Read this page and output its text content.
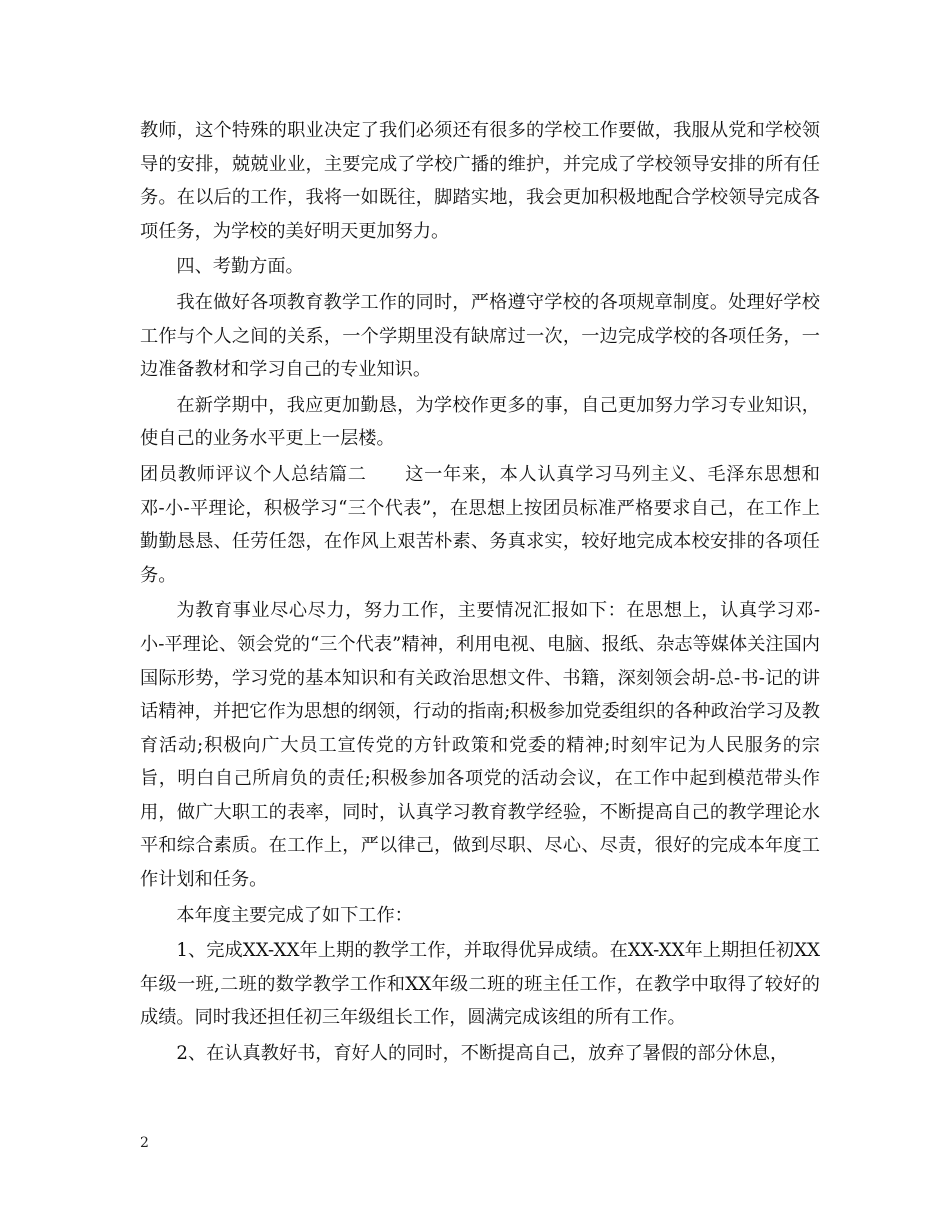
教师，这个特殊的职业决定了我们必须还有很多的学校工作要做，我服从党和学校领导的安排，兢兢业业，主要完成了学校广播的维护，并完成了学校领导安排的所有任务。在以后的工作，我将一如既往，脚踏实地，我会更加积极地配合学校领导完成各项任务，为学校的美好明天更加努力。

四、考勤方面。

我在做好各项教育教学工作的同时，严格遵守学校的各项规章制度。处理好学校工作与个人之间的关系，一个学期里没有缺席过一次，一边完成学校的各项任务，一边准备教材和学习自己的专业知识。

在新学期中，我应更加勤恳，为学校作更多的事，自己更加努力学习专业知识，使自己的业务水平更上一层楼。

团员教师评议个人总结篇二 这一年来，本人认真学习马列主义、毛泽东思想和邓-小-平理论，积极学习“三个代表”，在思想上按团员标准严格要求自己，在工作上勤勤恳恳、任劳任怨，在作风上艰苦朴素、务真求实，较好地完成本校安排的各项任务。

为教育事业尽心尽力，努力工作，主要情况汇报如下：在思想上，认真学习邓-小-平理论、领会党的“三个代表”精神，利用电视、电脑、报纸、杂志等媒体关注国内国际形势，学习党的基本知识和有关政治思想文件、书籍，深刻领会胡-总-书-记的讲话精神，并把它作为思想的纲领，行动的指南;积极参加党委组织的各种政治学习及教育活动;积极向广大员工宣传党的方针政策和党委的精神;时刻牢记为人民服务的宗旨，明白自己所肩负的责任;积极参加各项党的活动会议，在工作中起到模范带头作用，做广大职工的表率，同时，认真学习教育教学经验，不断提高自己的教学理论水平和综合素质。在工作上，严以律己，做到尽职、尽心、尽责，很好的完成本年度工作计划和任务。

本年度主要完成了如下工作：

1、完成XX-XX年上期的教学工作，并取得优异成绩。在XX-XX年上期担任初XX年级一班,二班的数学教学工作和XX年级二班的班主任工作，在教学中取得了较好的成绩。同时我还担任初三年级组长工作，圆满完成该组的所有工作。

2、在认真教好书，育好人的同时，不断提高自己，放弃了暑假的部分休息，

2
